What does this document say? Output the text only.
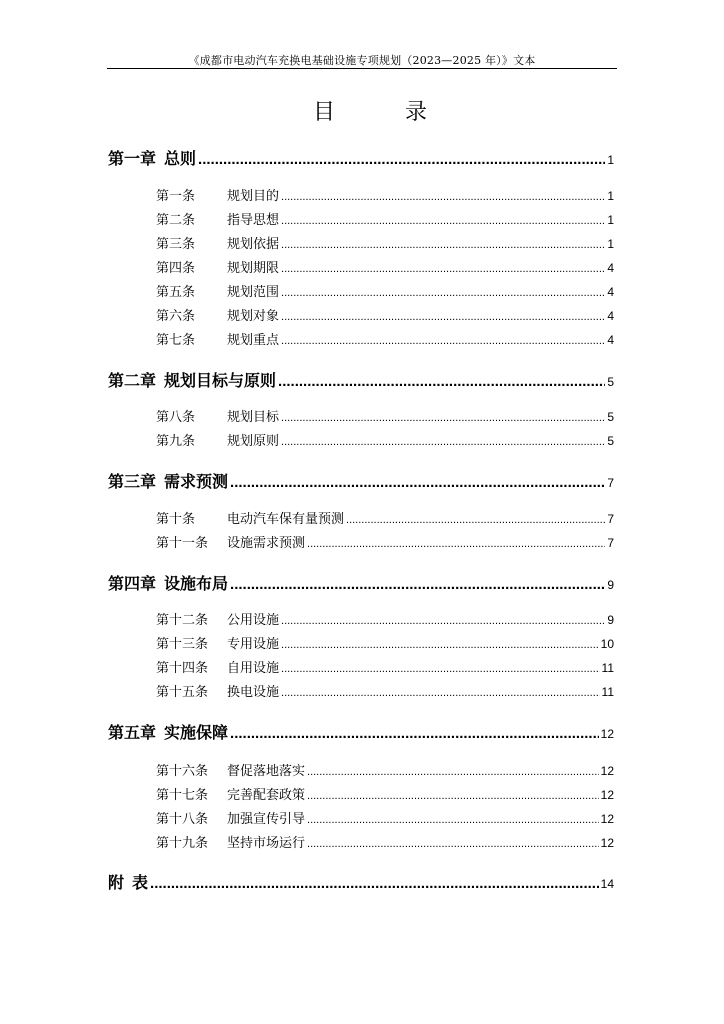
《成都市电动汽车充换电基础设施专项规划（2023—2025 年）》文本
目　录
第一章 总则 .....	1
第一条	规划目的 .....	1
第二条	指导思想 .....	1
第三条	规划依据 .....	1
第四条	规划期限 .....	4
第五条	规划范围 .....	4
第六条	规划对象 .....	4
第七条	规划重点 .....	4
第二章 规划目标与原则 .....	5
第八条	规划目标 .....	5
第九条	规划原则 .....	5
第三章 需求预测 .....	7
第十条	电动汽车保有量预测 .....	7
第十一条	设施需求预测 .....	7
第四章 设施布局 .....	9
第十二条	公用设施 .....	9
第十三条	专用设施 .....	10
第十四条	自用设施 .....	11
第十五条	换电设施 .....	11
第五章 实施保障 .....	12
第十六条	督促落地落实 .....	12
第十七条	完善配套政策 .....	12
第十八条	加强宣传引导 .....	12
第十九条	坚持市场运行 .....	12
附 表 .....	14
